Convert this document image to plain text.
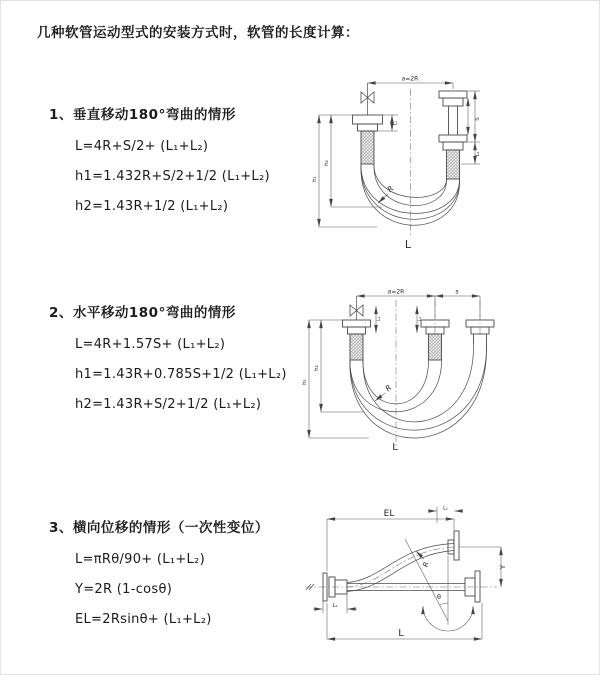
几种软管运动型式的安装方式时，软管的长度计算：
1、垂直移动180°弯曲的情形
L=4R+S/2+ (L₁+L₂)
h1=1.432R+S/2+1/2 (L₁+L₂)
h2=1.43R+1/2 (L₁+L₂)
2、水平移动180°弯曲的情形
L=4R+1.57S+ (L₁+L₂)
h1=1.43R+0.785S+1/2 (L₁+L₂)
h2=1.43R+S/2+1/2 (L₁+L₂)
3、横向位移的情形（一次性变位）
L=πRθ/90+ (L₁+L₂)
Y=2R (1-cosθ)
EL=2Rsinθ+ (L₁+L₂)
a=2R
h₁
h₂
L₁
S
L₂
R
L
a=2R	s
h₁
h₂
L₁	L₂
R
L
EL
L₁
Y
R
θ
L₂
L
